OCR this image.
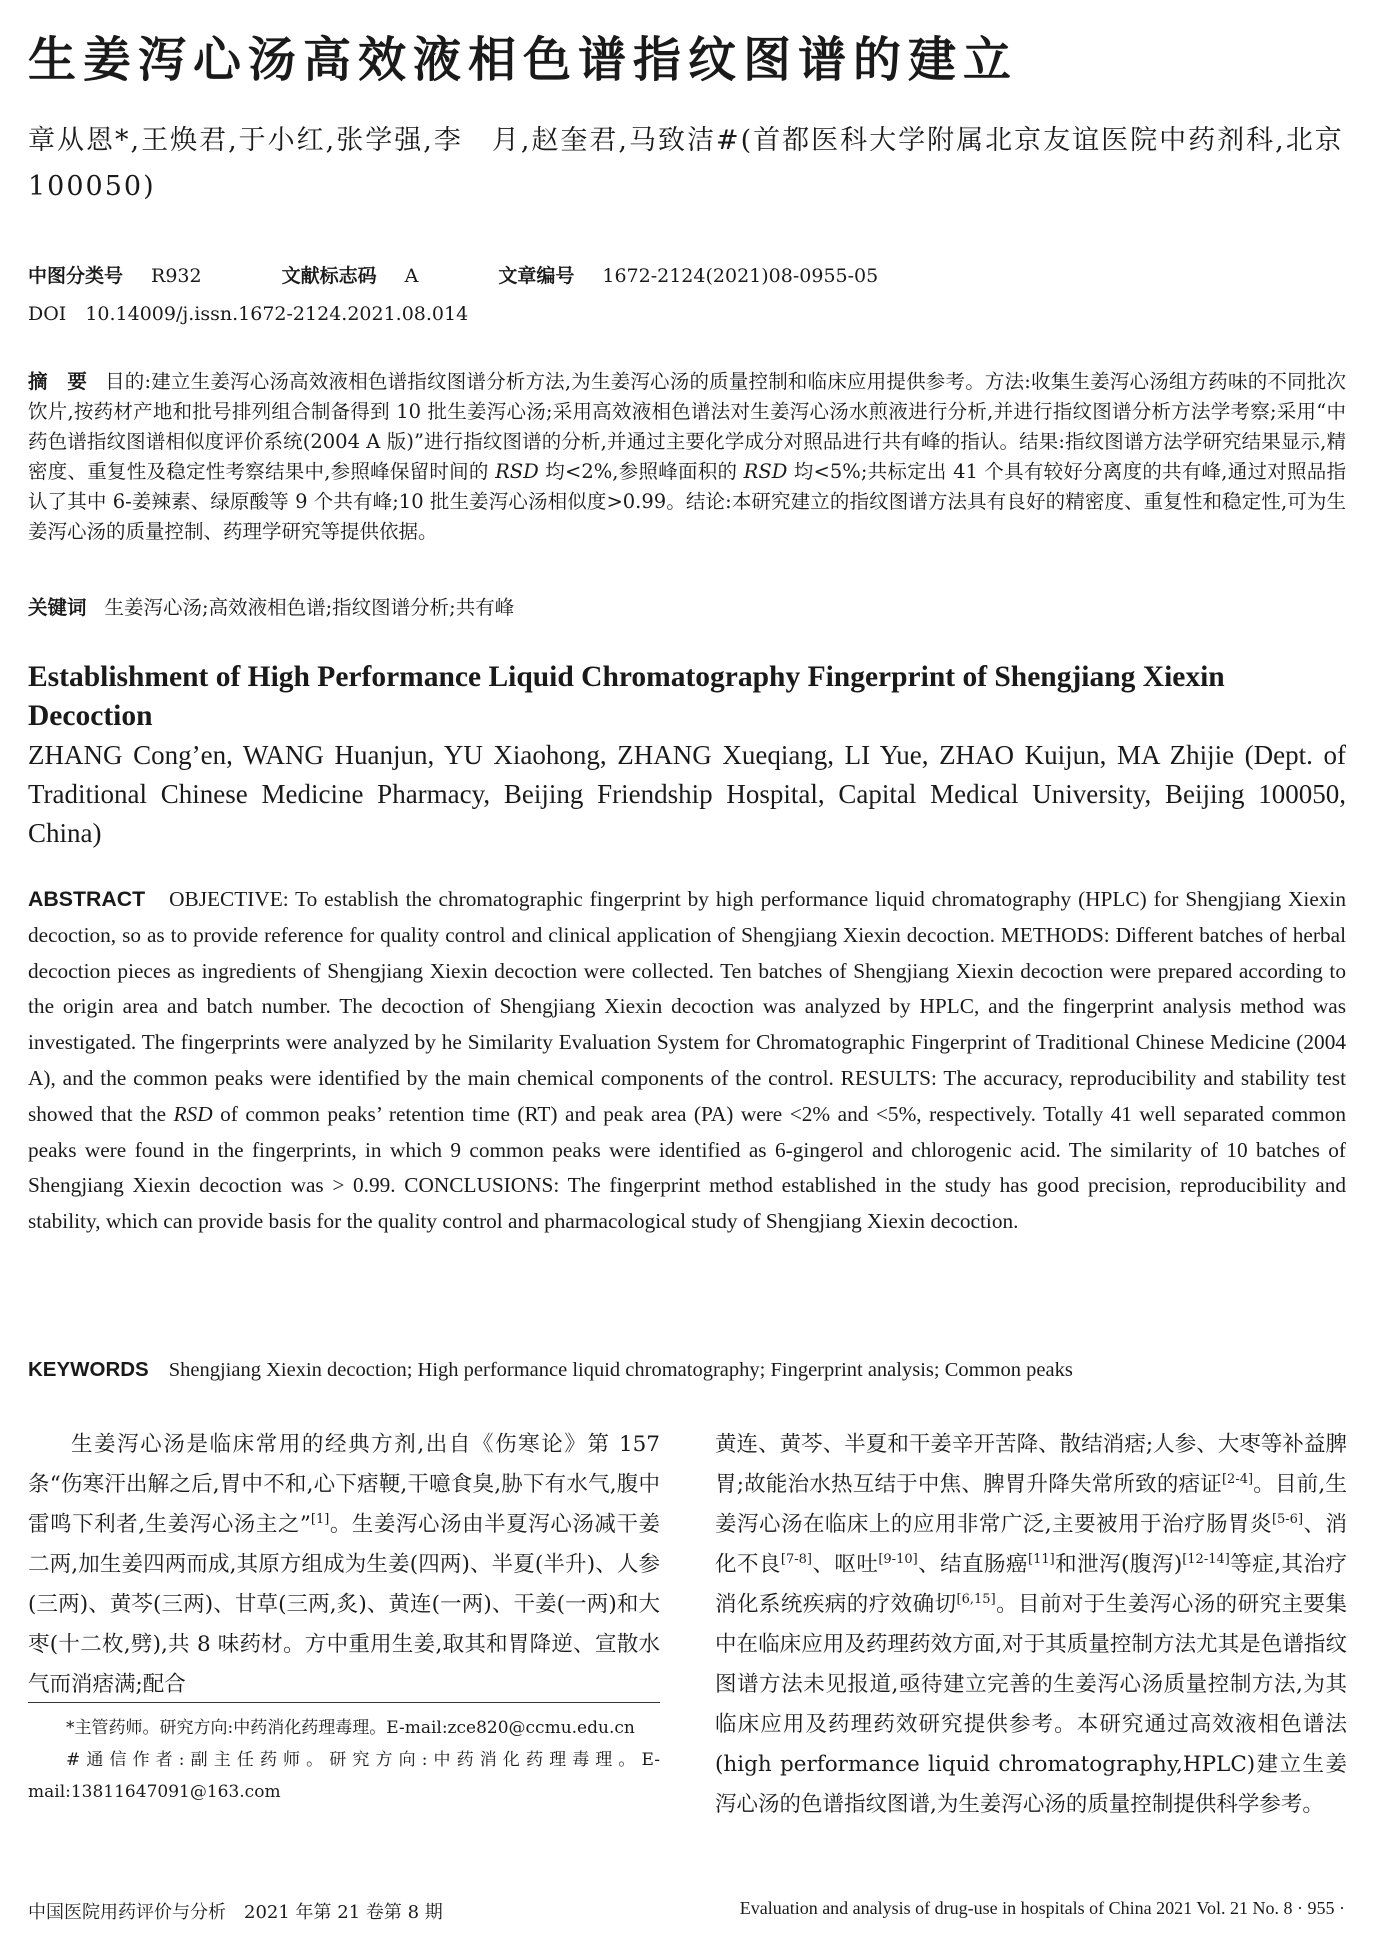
生姜泻心汤高效液相色谱指纹图谱的建立
章从恩*,王焕君,于小红,张学强,李　月,赵奎君,马致洁#(首都医科大学附属北京友谊医院中药剂科,北京　100050)
中图分类号 R932	文献标志码 A	文章编号 1672-2124(2021)08-0955-05
DOI　10.14009/j.issn.1672-2124.2021.08.014
摘　要 目的:建立生姜泻心汤高效液相色谱指纹图谱分析方法,为生姜泻心汤的质量控制和临床应用提供参考。方法:收集生姜泻心汤组方药味的不同批次饮片,按药材产地和批号排列组合制备得到 10 批生姜泻心汤;采用高效液相色谱法对生姜泻心汤水煎液进行分析,并进行指纹图谱分析方法学考察;采用“中药色谱指纹图谱相似度评价系统(2004 A 版)”进行指纹图谱的分析,并通过主要化学成分对照品进行共有峰的指认。结果:指纹图谱方法学研究结果显示,精密度、重复性及稳定性考察结果中,参照峰保留时间的 RSD 均<2%,参照峰面积的 RSD 均<5%;共标定出 41 个具有较好分离度的共有峰,通过对照品指认了其中 6-姜辣素、绿原酸等 9 个共有峰;10 批生姜泻心汤相似度>0.99。结论:本研究建立的指纹图谱方法具有良好的精密度、重复性和稳定性,可为生姜泻心汤的质量控制、药理学研究等提供依据。
关键词 生姜泻心汤;高效液相色谱;指纹图谱分析;共有峰
Establishment of High Performance Liquid Chromatography Fingerprint of Shengjiang Xiexin Decoction
ZHANG Cong’en, WANG Huanjun, YU Xiaohong, ZHANG Xueqiang, LI Yue, ZHAO Kuijun, MA Zhijie (Dept. of Traditional Chinese Medicine Pharmacy, Beijing Friendship Hospital, Capital Medical University, Beijing 100050, China)
ABSTRACT OBJECTIVE: To establish the chromatographic fingerprint by high performance liquid chromatography (HPLC) for Shengjiang Xiexin decoction, so as to provide reference for quality control and clinical application of Shengjiang Xiexin decoction. METHODS: Different batches of herbal decoction pieces as ingredients of Shengjiang Xiexin decoction were collected. Ten batches of Shengjiang Xiexin decoction were prepared according to the origin area and batch number. The decoction of Shengjiang Xiexin decoction was analyzed by HPLC, and the fingerprint analysis method was investigated. The fingerprints were analyzed by he Similarity Evaluation System for Chromatographic Fingerprint of Traditional Chinese Medicine (2004 A), and the common peaks were identified by the main chemical components of the control. RESULTS: The accuracy, reproducibility and stability test showed that the RSD of common peaks’ retention time (RT) and peak area (PA) were <2% and <5%, respectively. Totally 41 well separated common peaks were found in the fingerprints, in which 9 common peaks were identified as 6-gingerol and chlorogenic acid. The similarity of 10 batches of Shengjiang Xiexin decoction was > 0.99. CONCLUSIONS: The fingerprint method established in the study has good precision, reproducibility and stability, which can provide basis for the quality control and pharmacological study of Shengjiang Xiexin decoction.
KEYWORDS Shengjiang Xiexin decoction; High performance liquid chromatography; Fingerprint analysis; Common peaks
生姜泻心汤是临床常用的经典方剂,出自《伤寒论》第 157 条“伤寒汗出解之后,胃中不和,心下痞鞕,干噫食臭,胁下有水气,腹中雷鸣下利者,生姜泻心汤主之”[1]。生姜泻心汤由半夏泻心汤减干姜二两,加生姜四两而成,其原方组成为生姜(四两)、半夏(半升)、人参(三两)、黄芩(三两)、甘草(三两,炙)、黄连(一两)、干姜(一两)和大枣(十二枚,劈),共 8 味药材。方中重用生姜,取其和胃降逆、宣散水气而消痞满;配合
黄连、黄芩、半夏和干姜辛开苦降、散结消痞;人参、大枣等补益脾胃;故能治水热互结于中焦、脾胃升降失常所致的痞证[2-4]。目前,生姜泻心汤在临床上的应用非常广泛,主要被用于治疗肠胃炎[5-6]、消化不良[7-8]、呕吐[9-10]、结直肠癌[11]和泄泻(腹泻)[12-14]等症,其治疗消化系统疾病的疗效确切[6,15]。目前对于生姜泻心汤的研究主要集中在临床应用及药理药效方面,对于其质量控制方法尤其是色谱指纹图谱方法未见报道,亟待建立完善的生姜泻心汤质量控制方法,为其临床应用及药理药效研究提供参考。本研究通过高效液相色谱法(high performance liquid chromatography,HPLC)建立生姜泻心汤的色谱指纹图谱,为生姜泻心汤的质量控制提供科学参考。

*主管药师。研究方向:中药消化药理毒理。E-mail:zce820@ccmu.edu.cn

#通信作者:副主任药师。研究方向:中药消化药理毒理。E-mail:13811647091@163.com

中国医院用药评价与分析　2021 年第 21 卷第 8 期	Evaluation and analysis of drug-use in hospitals of China 2021 Vol. 21 No. 8 · 955 ·
